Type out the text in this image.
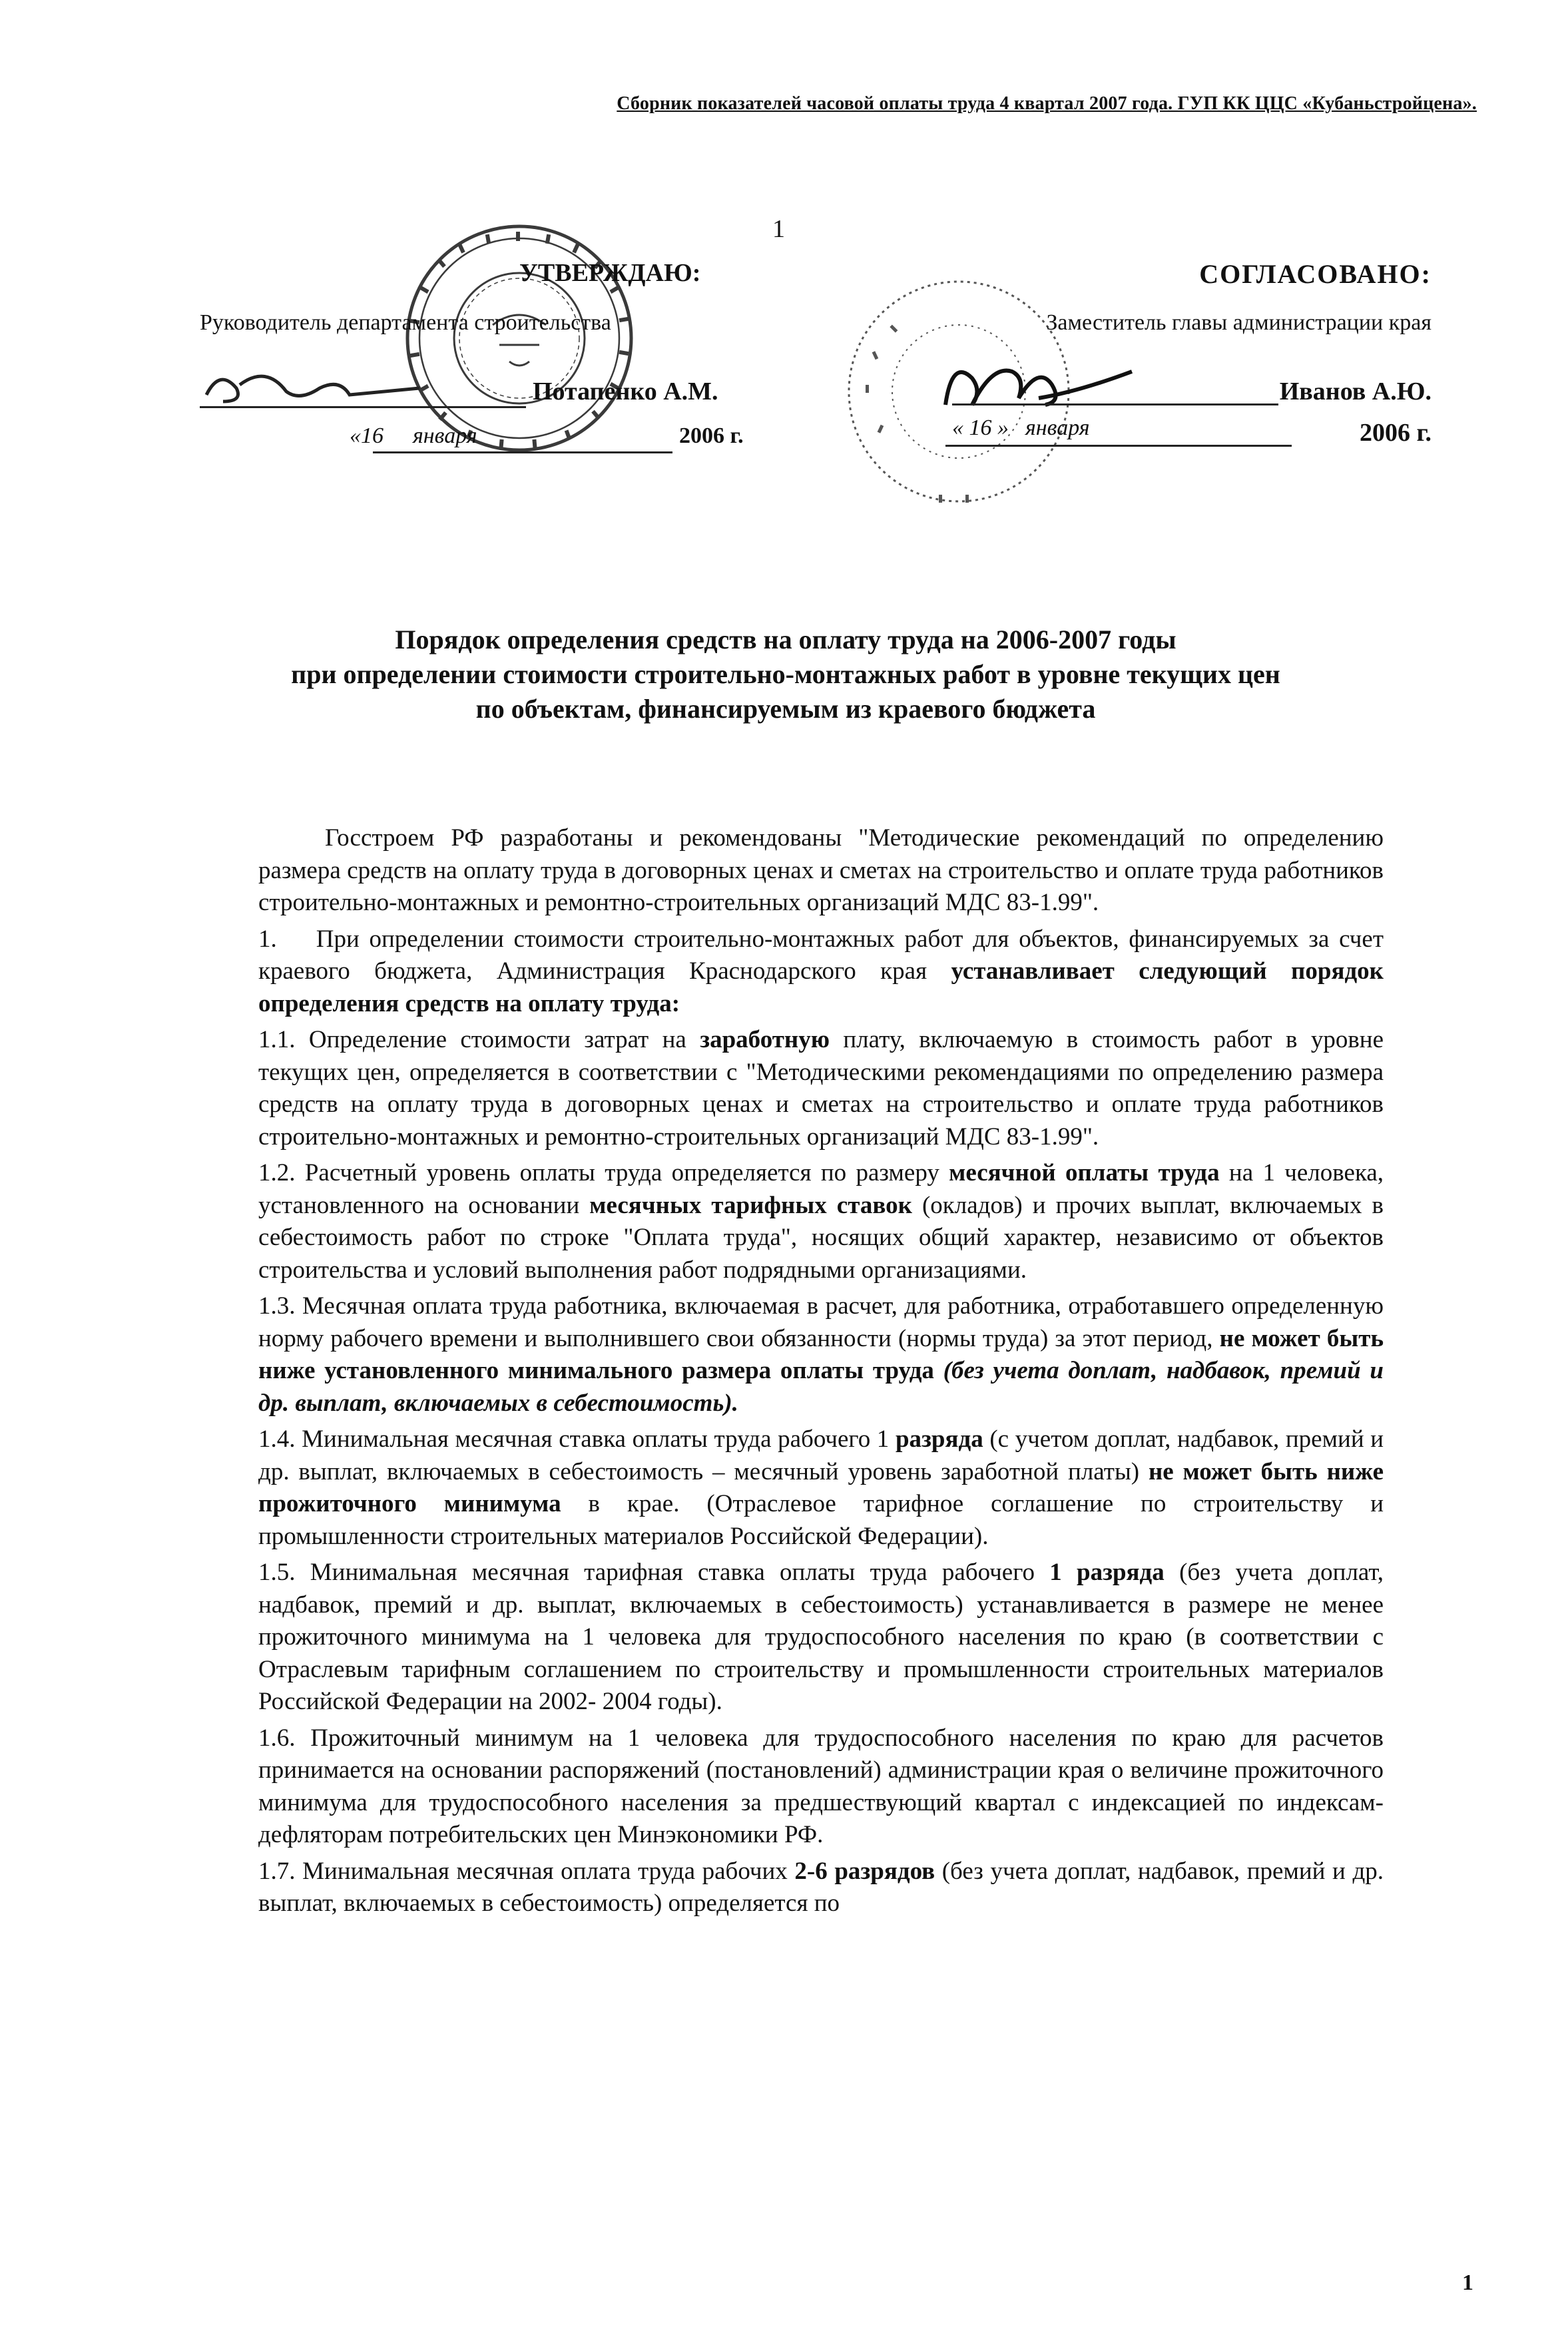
Сборник показателей часовой оплаты труда 4 квартал 2007 года. ГУП КК ЦЦС «Кубаньстройцена».
1
УТВЕРЖДАЮ:
Руководитель департамента строительства
Потапенко А.М.
«16 января	2006 г.
СОГЛАСОВАНО:
Заместитель главы администрации края
Иванов А.Ю.
« 16 » января	2006 г.
Порядок определения средств на оплату труда на 2006-2007 годы
при определении стоимости строительно-монтажных работ в уровне текущих цен
по объектам, финансируемым из краевого бюджета

Госстроем РФ разработаны и рекомендованы "Методические рекомендаций по определению размера средств на оплату труда в договорных ценах и сметах на строительство и оплате труда работников строительно-монтажных и ремонтно-строительных организаций МДС 83-1.99".

1. При определении стоимости строительно-монтажных работ для объектов, финансируемых за счет краевого бюджета, Администрация Краснодарского края устанавливает следующий порядок определения средств на оплату труда:

1.1. Определение стоимости затрат на заработную плату, включаемую в стоимость работ в уровне текущих цен, определяется в соответствии с "Методическими рекомендациями по определению размера средств на оплату труда в договорных ценах и сметах на строительство и оплате труда работников строительно-монтажных и ремонтно-строительных организаций МДС 83-1.99".

1.2. Расчетный уровень оплаты труда определяется по размеру месячной оплаты труда на 1 человека, установленного на основании месячных тарифных ставок (окладов) и прочих выплат, включаемых в себестоимость работ по строке "Оплата труда", носящих общий характер, независимо от объектов строительства и условий выполнения работ подрядными организациями.

1.3. Месячная оплата труда работника, включаемая в расчет, для работника, отработавшего определенную норму рабочего времени и выполнившего свои обязанности (нормы труда) за этот период, не может быть ниже установленного минимального размера оплаты труда (без учета доплат, надбавок, премий и др. выплат, включаемых в себестоимость).

1.4. Минимальная месячная ставка оплаты труда рабочего 1 разряда (с учетом доплат, надбавок, премий и др. выплат, включаемых в себестоимость – месячный уровень заработной платы) не может быть ниже прожиточного минимума в крае. (Отраслевое тарифное соглашение по строительству и промышленности строительных материалов Российской Федерации).

1.5. Минимальная месячная тарифная ставка оплаты труда рабочего 1 разряда (без учета доплат, надбавок, премий и др. выплат, включаемых в себестоимость) устанавливается в размере не менее прожиточного минимума на 1 человека для трудоспособного населения по краю (в соответствии с Отраслевым тарифным соглашением по строительству и промышленности строительных материалов Российской Федерации на 2002- 2004 годы).

1.6. Прожиточный минимум на 1 человека для трудоспособного населения по краю для расчетов принимается на основании распоряжений (постановлений) администрации края о величине прожиточного минимума для трудоспособного населения за предшествующий квартал с индексацией по индексам-дефляторам потребительских цен Минэкономики РФ.

1.7. Минимальная месячная оплата труда рабочих 2-6 разрядов (без учета доплат, надбавок, премий и др. выплат, включаемых в себестоимость) определяется по

1
